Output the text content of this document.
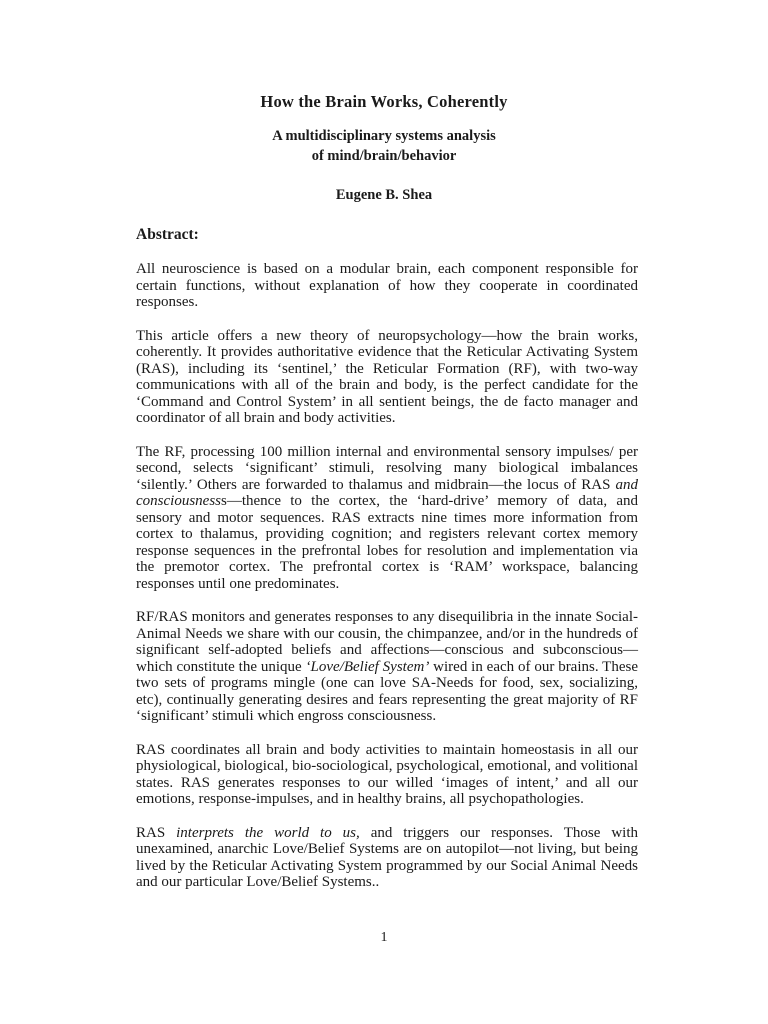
How the Brain Works, Coherently
A multidisciplinary systems analysis
of mind/brain/behavior
Eugene B. Shea
Abstract:

All neuroscience is based on a modular brain, each component responsible for certain functions, without explanation of how they cooperate in coordinated responses.

This article offers a new theory of neuropsychology—how the brain works, coherently. It provides authoritative evidence that the Reticular Activating System (RAS), including its ‘sentinel,’ the Reticular Formation (RF), with two-way communications with all of the brain and body, is the perfect candidate for the ‘Command and Control System’ in all sentient beings, the de facto manager and coordinator of all brain and body activities.

The RF, processing 100 million internal and environmental sensory impulses/ per second, selects ‘significant’ stimuli, resolving many biological imbalances ‘silently.’ Others are forwarded to thalamus and midbrain—the locus of RAS and consciousnesss—thence to the cortex, the ‘hard-drive’ memory of data, and sensory and motor sequences. RAS extracts nine times more information from cortex to thalamus, providing cognition; and registers relevant cortex memory response sequences in the prefrontal lobes for resolution and implementation via the premotor cortex. The prefrontal cortex is ‘RAM’ workspace, balancing responses until one predominates.

RF/RAS monitors and generates responses to any disequilibria in the innate Social-Animal Needs we share with our cousin, the chimpanzee, and/or in the hundreds of significant self-adopted beliefs and affections—conscious and subconscious—which constitute the unique ‘Love/Belief System’ wired in each of our brains. These two sets of programs mingle (one can love SA-Needs for food, sex, socializing, etc), continually generating desires and fears representing the great majority of RF ‘significant’ stimuli which engross consciousness.

RAS coordinates all brain and body activities to maintain homeostasis in all our physiological, biological, bio-sociological, psychological, emotional, and volitional states. RAS generates responses to our willed ‘images of intent,’ and all our emotions, response-impulses, and in healthy brains, all psychopathologies.

RAS interprets the world to us, and triggers our responses. Those with unexamined, anarchic Love/Belief Systems are on autopilot—not living, but being lived by the Reticular Activating System programmed by our Social Animal Needs and our particular Love/Belief Systems..

1
